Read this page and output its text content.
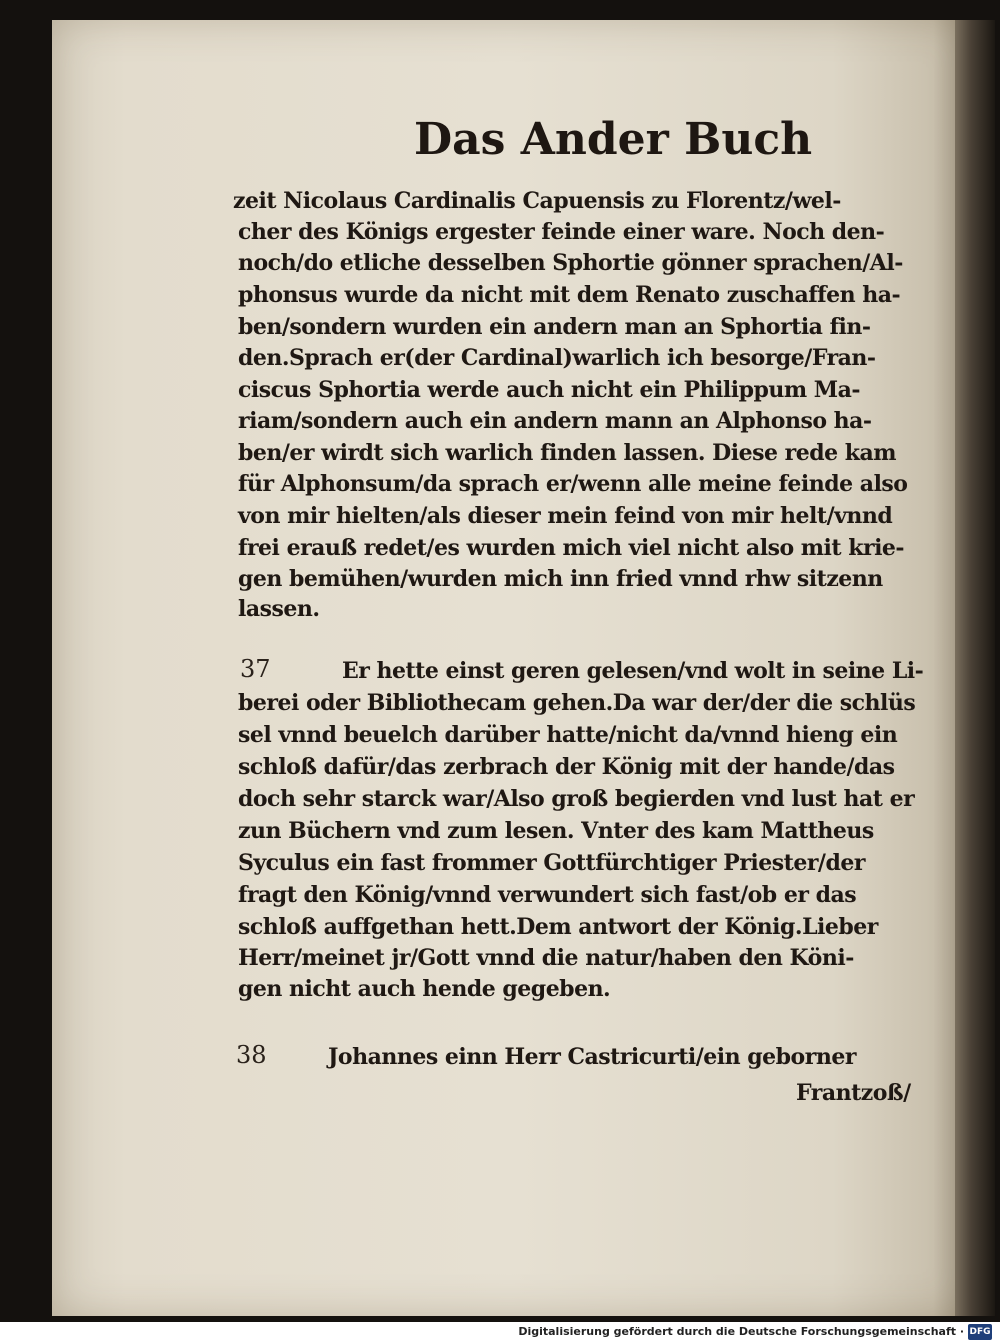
Das Ander Buch
zeit Nicolaus Cardinalis Capuensis zu Florentz/wel-
cher des Königs ergester feinde einer ware. Noch den-
noch/do etliche desselben Sphortie gönner sprachen/Al-
phonsus wurde da nicht mit dem Renato zuschaffen ha-
ben/sondern wurden ein andern man an Sphortia fin-
den.Sprach er(der Cardinal)warlich ich besorge/Fran-
ciscus Sphortia werde auch nicht ein Philippum Ma-
riam/sondern auch ein andern mann an Alphonso ha-
ben/er wirdt sich warlich finden lassen. Diese rede kam
für Alphonsum/da sprach er/wenn alle meine feinde also
von mir hielten/als dieser mein feind von mir helt/vnnd
frei erauß redet/es wurden mich viel nicht also mit krie-
gen bemühen/wurden mich inn fried vnnd rhw sitzenn
lassen.
37	Er hette einst geren gelesen/vnd wolt in seine Li-
berei oder Bibliothecam gehen.Da war der/der die schlüs
sel vnnd beuelch darüber hatte/nicht da/vnnd hieng ein
schloß dafür/das zerbrach der König mit der hande/das
doch sehr starck war/Also groß begierden vnd lust hat er
zun Büchern vnd zum lesen. Vnter des kam Mattheus
Syculus ein fast frommer Gottfürchtiger Priester/der
fragt den König/vnnd verwundert sich fast/ob er das
schloß auffgethan hett.Dem antwort der König.Lieber
Herr/meinet jr/Gott vnnd die natur/haben den Köni-
gen nicht auch hende gegeben.
38	Johannes einn Herr Castricurti/ein geborner
Frantzoß/
Digitalisierung gefördert durch die Deutsche Forschungsgemeinschaft · DFG
